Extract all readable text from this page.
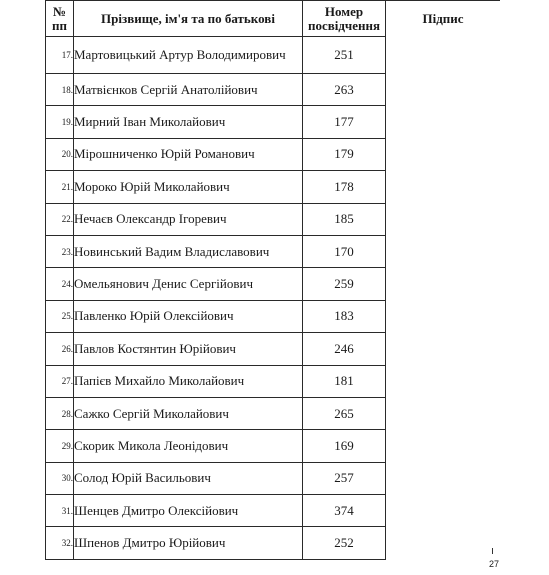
№
пп	Прізвище, ім'я та по батькові	Номер посвідчення	Підпис
17.	Мартовицький Артур Володимирович	251	
18.	Матвієнков Сергій Анатолійович	263	
19.	Мирний Іван Миколайович	177	
20.	Мірошниченко Юрій Романович	179	
21.	Мороко Юрій Миколайович	178	
22.	Нечаєв Олександр Ігоревич	185	
23.	Новинський Вадим Владиславович	170	
24.	Омельянович Денис Сергійович	259	
25.	Павленко Юрій Олексійович	183	
26.	Павлов Костянтин Юрійович	246	
27.	Папієв Михайло Миколайович	181	
28.	Сажко Сергій Миколайович	265	
29.	Скорик Микола Леонідович	169	
30.	Солод Юрій Васильович	257	
31.	Шенцев Дмитро Олексійович	374	
32.	Шпенов Дмитро Юрійович	252	
27
